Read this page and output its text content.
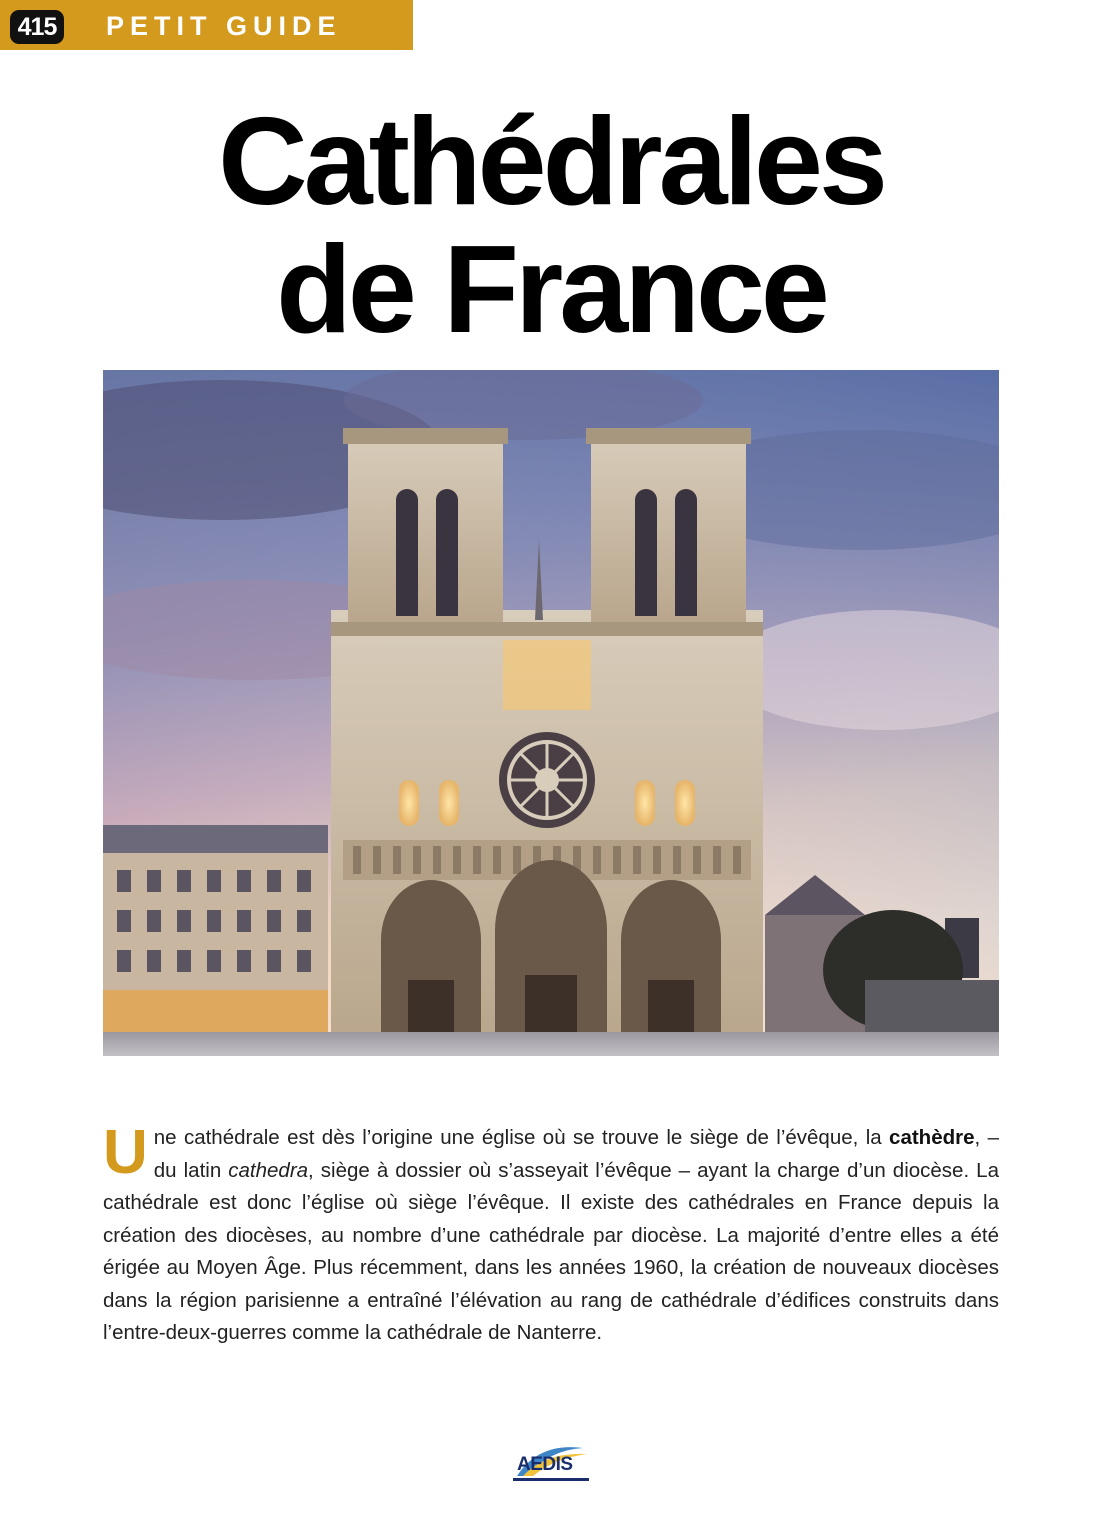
415 PETIT GUIDE
Cathédrales
de France

Une cathédrale est dès l’origine une église où se trouve le siège de l’évêque, la cathèdre, – du latin cathedra, siège à dossier où s’asseyait l’évêque – ayant la charge d’un diocèse. La cathédrale est donc l’église où siège l’évêque. Il existe des cathédrales en France depuis la création des diocèses, au nombre d’une cathédrale par diocèse. La majorité d’entre elles a été érigée au Moyen Âge. Plus récemment, dans les années 1960, la création de nouveaux diocèses dans la région parisienne a entraîné l’élévation au rang de cathédrale d’édifices construits dans l’entre-deux-guerres comme la cathédrale de Nanterre.

AEDIS
